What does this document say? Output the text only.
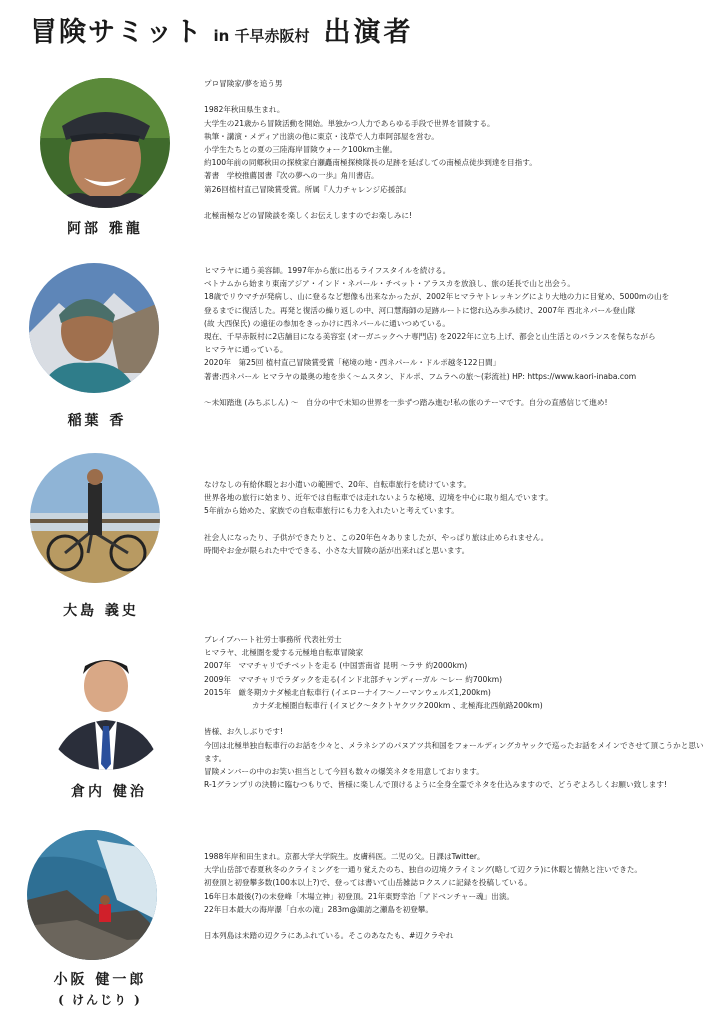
冒険サミット in 千早赤阪村 出演者
阿部 雅龍

プロ冒険家/夢を追う男

1982年秋田県生まれ。

大学生の21歳から冒険活動を開始。単独かつ人力であらゆる手段で世界を冒険する。

執筆・講演・メディア出演の他に東京・浅草で人力車阿部屋を営む。

小学生たちとの夏の三陸海岸冒険ウォーク100km主催。

約100年前の同郷秋田の探検家白瀬矗南極探検隊長の足跡を延ばしての南極点徒歩到達を目指す。

著書　学校推薦図書『次の夢への一歩』角川書店。

第26回植村直己冒険賞受賞。所属『人力チャレンジ応援部』

北極南極などの冒険談を楽しくお伝えしますのでお楽しみに!

稲葉 香

ヒマラヤに通う美容師。1997年から旅に出るライフスタイルを続ける。

ベトナムから始まり東南アジア・インド・ネパール・チベット・アラスカを放浪し、旅の延長で山と出会う。

18歳でリウマチが発病し、山に登るなど想像も出来なかったが、2002年ヒマラヤトレッキングにより大地の力に目覚め、5000mの山を

登るまでに復活した。再発と復活の繰り返しの中、河口慧海師の足跡ルートに惚れ込み歩み続け、2007年 西北ネパール登山隊

(故 大西保氏) の遠征の参加をきっかけに西ネパールに通いつめている。

現在、千早赤阪村に2店舗目になる美容室 (オーガニックヘナ専門店) を2022年に立ち上げ、都会と山生活とのバランスを保ちながら

ヒマラヤに通っている。

2020年　第25回 植村直己冒険賞受賞「秘境の地・西ネパール・ドルポ越冬122日間」

著書:西ネパール ヒマラヤの最奥の地を歩く〜ムスタン、ドルポ、フムラへの旅〜(彩流社) HP: https://www.kaori-inaba.com

〜未知踏進 (みちぶしん) 〜　自分の中で未知の世界を一歩ずつ踏み進む!私の旅のテーマです。自分の直感信じて進め!

大島 義史

なけなしの有給休暇とお小遣いの範囲で、20年、自転車旅行を続けています。

世界各地の旅行に始まり、近年では自転車では走れないような秘境、辺境を中心に取り組んでいます。

5年前から始めた、家族での自転車旅行にも力を入れたいと考えています。

社会人になったり、子供ができたりと、この20年色々ありましたが、やっぱり旅は止められません。

時間やお金が限られた中でできる、小さな大冒険の話が出来ればと思います。

倉内 健治

ブレイブハート社労士事務所 代表社労士

ヒマラヤ、北極圏を愛する元極地自転車冒険家

2007年　 ママチャリでチベットを走る (中国雲南省 昆明 〜ラサ 約2000km)

2009年　 ママチャリでラダックを走る(インド北部チャンディーガル 〜レー 約700km)

2015年　 厳冬期カナダ極北自転車行 (イエローナイフ〜ノーマンウェルズ1,200km)

カナダ北極圏自転車行 (イヌビク〜タクトヤクツク200km 、北極海北西航路200km)

皆様、お久しぶりです!

今回は北極単独自転車行のお話を少々と、メラネシアのパヌアツ共和国をフォールディングカヤックで巡ったお話をメインでさせて頂こうかと思います。

冒険メンバーの中のお笑い担当として今回も数々の爆笑ネタを用意しております。

R-1グランプリの決勝に臨むつもりで、皆様に楽しんで頂けるように全身全霊でネタを仕込みますので、どうぞよろしくお願い致します!

小阪 健一郎
( けんじり )

1988年岸和田生まれ。京都大学大学院生。皮膚科医。二児の父。日課はTwitter。

大学山岳部で春夏秋冬のクライミングを一通り覚えたのち、独自の辺境クライミング(略して辺クラ)に休暇と情熱と注いできた。

初登頂と初登攀多数(100本以上?)で、登っては書いて山岳雑誌ロクスノに記録を投稿している。

16年日本最後(?)の未登峰「木場立神」初登頂。21年東野幸治「アドベンチャー魂」出演。

22年日本最大の海岸瀑「白水の滝」283m@諏訪之瀬島を初登攀。

日本列島は未踏の辺クラにあふれている。そこのあなたも、#辺クラやれ
